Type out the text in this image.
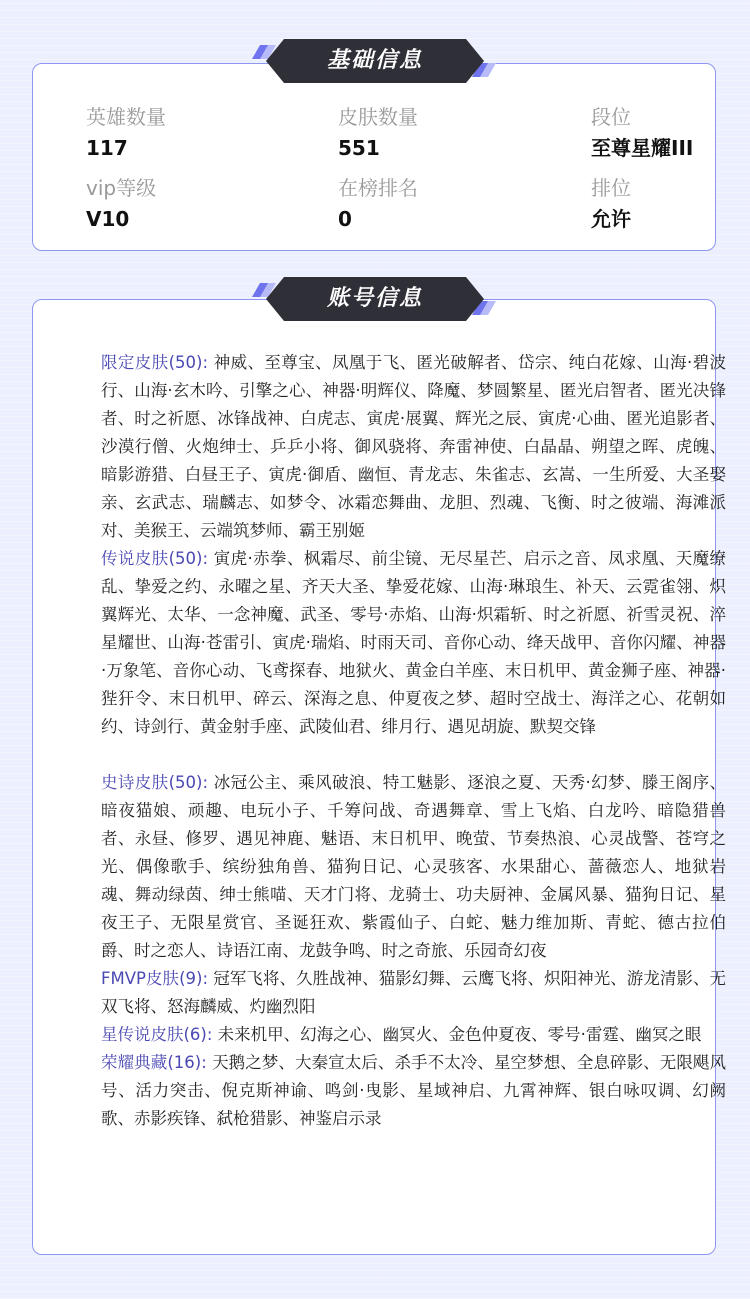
英雄数量
117
皮肤数量
551
段位
至尊星耀III
vip等级
V10
在榜排名
0
排位
允许
基础信息
限定皮肤(50): 神威、至尊宝、凤凰于飞、匿光破解者、岱宗、纯白花嫁、山海·碧波行、山海·玄木吟、引擎之心、神器·明辉仪、降魔、梦圆繁星、匿光启智者、匿光决锋者、时之祈愿、冰锋战神、白虎志、寅虎·展翼、辉光之辰、寅虎·心曲、匿光追影者、沙漠行僧、火炮绅士、乒乒小将、御风骁将、奔雷神使、白晶晶、朔望之晖、虎魄、暗影游猎、白昼王子、寅虎·御盾、幽恒、青龙志、朱雀志、玄嵩、一生所爱、大圣娶亲、玄武志、瑞麟志、如梦令、冰霜恋舞曲、龙胆、烈魂、飞衡、时之彼端、海滩派对、美猴王、云端筑梦师、霸王别姬
传说皮肤(50): 寅虎·赤拳、枫霜尽、前尘镜、无尽星芒、启示之音、凤求凰、天魔缭乱、挚爱之约、永曜之星、齐天大圣、挚爱花嫁、山海·琳琅生、补天、云霓雀翎、炽翼辉光、太华、一念神魔、武圣、零号·赤焰、山海·炽霜斩、时之祈愿、祈雪灵祝、淬星耀世、山海·苍雷引、寅虎·瑞焰、时雨天司、音你心动、绛天战甲、音你闪耀、神器·万象笔、音你心动、飞鸢探春、地狱火、黄金白羊座、末日机甲、黄金狮子座、神器·狴犴令、末日机甲、碎云、深海之息、仲夏夜之梦、超时空战士、海洋之心、花朝如约、诗剑行、黄金射手座、武陵仙君、绯月行、遇见胡旋、默契交锋
史诗皮肤(50): 冰冠公主、乘风破浪、特工魅影、逐浪之夏、天秀·幻梦、滕王阁序、暗夜猫娘、顽趣、电玩小子、千筹问战、奇遇舞章、雪上飞焰、白龙吟、暗隐猎兽者、永昼、修罗、遇见神鹿、魅语、末日机甲、晚萤、节奏热浪、心灵战警、苍穹之光、偶像歌手、缤纷独角兽、猫狗日记、心灵骇客、水果甜心、蔷薇恋人、地狱岩魂、舞动绿茵、绅士熊喵、天才门将、龙骑士、功夫厨神、金属风暴、猫狗日记、星夜王子、无限星赏官、圣诞狂欢、紫霞仙子、白蛇、魅力维加斯、青蛇、德古拉伯爵、时之恋人、诗语江南、龙鼓争鸣、时之奇旅、乐园奇幻夜
FMVP皮肤(9): 冠军飞将、久胜战神、猫影幻舞、云鹰飞将、炽阳神光、游龙清影、无双飞将、怒海麟威、灼幽烈阳
星传说皮肤(6): 未来机甲、幻海之心、幽冥火、金色仲夏夜、零号·雷霆、幽冥之眼
荣耀典藏(16): 天鹅之梦、大秦宣太后、杀手不太冷、星空梦想、全息碎影、无限飓风号、活力突击、倪克斯神谕、鸣剑·曳影、星域神启、九霄神辉、银白咏叹调、幻阙歌、赤影疾锋、弑枪猎影、神鉴启示录
账号信息
